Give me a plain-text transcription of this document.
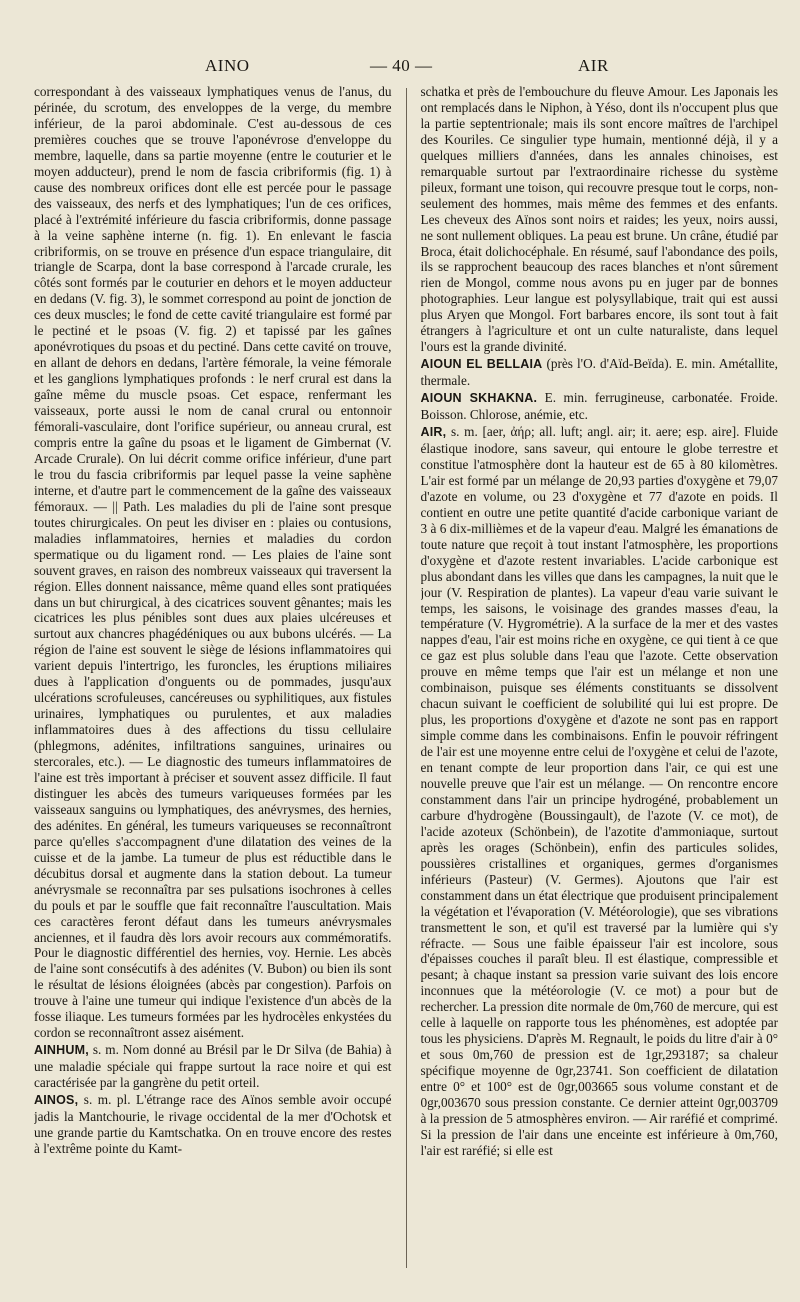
AINO	— 40 —	AIR

correspondant à des vaisseaux lymphatiques venus de l'anus, du périnée, du scrotum, des enveloppes de la verge, du membre inférieur, de la paroi abdominale. C'est au-dessous de ces premières couches que se trouve l'aponévrose d'enveloppe du membre, laquelle, dans sa partie moyenne (entre le couturier et le moyen adducteur), prend le nom de fascia cribriformis (fig. 1) à cause des nombreux orifices dont elle est percée pour le passage des vaisseaux, des nerfs et des lymphatiques; l'un de ces orifices, placé à l'extrémité inférieure du fascia cribriformis, donne passage à la veine saphène interne (n. fig. 1). En enlevant le fascia cribriformis, on se trouve en présence d'un espace triangulaire, dit triangle de Scarpa, dont la base correspond à l'arcade crurale, les côtés sont formés par le couturier en dehors et le moyen adducteur en dedans (V. fig. 3), le sommet correspond au point de jonction de ces deux muscles; le fond de cette cavité triangulaire est formé par le pectiné et le psoas (V. fig. 2) et tapissé par les gaînes aponévrotiques du psoas et du pectiné. Dans cette cavité on trouve, en allant de dehors en dedans, l'artère fémorale, la veine fémorale et les ganglions lymphatiques profonds : le nerf crural est dans la gaîne même du muscle psoas. Cet espace, renfermant les vaisseaux, porte aussi le nom de canal crural ou entonnoir fémorali-vasculaire, dont l'orifice supérieur, ou anneau crural, est compris entre la gaîne du psoas et le ligament de Gimbernat (V. Arcade Crurale). On lui décrit comme orifice inférieur, d'une part le trou du fascia cribriformis par lequel passe la veine saphène interne, et d'autre part le commencement de la gaîne des vaisseaux fémoraux. — || Path. Les maladies du pli de l'aine sont presque toutes chirurgicales. On peut les diviser en : plaies ou contusions, maladies inflammatoires, hernies et maladies du cordon spermatique ou du ligament rond. — Les plaies de l'aine sont souvent graves, en raison des nombreux vaisseaux qui traversent la région. Elles donnent naissance, même quand elles sont pratiquées dans un but chirurgical, à des cicatrices souvent gênantes; mais les cicatrices les plus pénibles sont dues aux plaies ulcéreuses et surtout aux chancres phagédéniques ou aux bubons ulcérés. — La région de l'aine est souvent le siège de lésions inflammatoires qui varient depuis l'intertrigo, les furoncles, les éruptions miliaires dues à l'application d'onguents ou de pommades, jusqu'aux ulcérations scrofuleuses, cancéreuses ou syphilitiques, aux fistules urinaires, lymphatiques ou purulentes, et aux maladies inflammatoires dues à des affections du tissu cellulaire (phlegmons, adénites, infiltrations sanguines, urinaires ou stercorales, etc.). — Le diagnostic des tumeurs inflammatoires de l'aine est très important à préciser et souvent assez difficile. Il faut distinguer les abcès des tumeurs variqueuses formées par les vaisseaux sanguins ou lymphatiques, des anévrysmes, des hernies, des adénites. En général, les tumeurs variqueuses se reconnaîtront parce qu'elles s'accompagnent d'une dilatation des veines de la cuisse et de la jambe. La tumeur de plus est réductible dans le décubitus dorsal et augmente dans la station debout. La tumeur anévrysmale se reconnaîtra par ses pulsations isochrones à celles du pouls et par le souffle que fait reconnaître l'auscultation. Mais ces caractères feront défaut dans les tumeurs anévrysmales anciennes, et il faudra dès lors avoir recours aux commémoratifs. Pour le diagnostic différentiel des hernies, voy. Hernie. Les abcès de l'aine sont consécutifs à des adénites (V. Bubon) ou bien ils sont le résultat de lésions éloignées (abcès par congestion). Parfois on trouve à l'aine une tumeur qui indique l'existence d'un abcès de la fosse iliaque. Les tumeurs formées par les hydrocèles enkystées du cordon se reconnaîtront assez aisément.

AINHUM, s. m. Nom donné au Brésil par le Dr Silva (de Bahia) à une maladie spéciale qui frappe surtout la race noire et qui est caractérisée par la gangrène du petit orteil.

AINOS, s. m. pl. L'étrange race des Aïnos semble avoir occupé jadis la Mantchourie, le rivage occidental de la mer d'Ochotsk et une grande partie du Kamtschatka. On en trouve encore des restes à l'extrême pointe du Kamt-

schatka et près de l'embouchure du fleuve Amour. Les Japonais les ont remplacés dans le Niphon, à Yéso, dont ils n'occupent plus que la partie septentrionale; mais ils sont encore maîtres de l'archipel des Kouriles. Ce singulier type humain, mentionné déjà, il y a quelques milliers d'années, dans les annales chinoises, est remarquable surtout par l'extraordinaire richesse du système pileux, formant une toison, qui recouvre presque tout le corps, non-seulement des hommes, mais même des femmes et des enfants. Les cheveux des Aïnos sont noirs et raides; les yeux, noirs aussi, ne sont nullement obliques. La peau est brune. Un crâne, étudié par Broca, était dolichocéphale. En résumé, sauf l'abondance des poils, ils se rapprochent beaucoup des races blanches et n'ont sûrement rien de Mongol, comme nous avons pu en juger par de bonnes photographies. Leur langue est polysyllabique, trait qui est aussi plus Aryen que Mongol. Fort barbares encore, ils sont tout à fait étrangers à l'agriculture et ont un culte naturaliste, dans lequel l'ours est la grande divinité.

AIOUN EL BELLAIA (près l'O. d'Aïd-Beïda). E. min. Amétallite, thermale.

AIOUN SKHAKNA. E. min. ferrugineuse, carbonatée. Froide. Boisson. Chlorose, anémie, etc.

AIR, s. m. [aer, ἀήρ; all. luft; angl. air; it. aere; esp. aire]. Fluide élastique inodore, sans saveur, qui entoure le globe terrestre et constitue l'atmosphère dont la hauteur est de 65 à 80 kilomètres. L'air est formé par un mélange de 20,93 parties d'oxygène et 79,07 d'azote en volume, ou 23 d'oxygène et 77 d'azote en poids. Il contient en outre une petite quantité d'acide carbonique variant de 3 à 6 dix-millièmes et de la vapeur d'eau. Malgré les émanations de toute nature que reçoit à tout instant l'atmosphère, les proportions d'oxygène et d'azote restent invariables. L'acide carbonique est plus abondant dans les villes que dans les campagnes, la nuit que le jour (V. Respiration de plantes). La vapeur d'eau varie suivant le temps, les saisons, le voisinage des grandes masses d'eau, la température (V. Hygrométrie). A la surface de la mer et des vastes nappes d'eau, l'air est moins riche en oxygène, ce qui tient à ce que ce gaz est plus soluble dans l'eau que l'azote. Cette observation prouve en même temps que l'air est un mélange et non une combinaison, puisque ses éléments constituants se dissolvent chacun suivant le coefficient de solubilité qui lui est propre. De plus, les proportions d'oxygène et d'azote ne sont pas en rapport simple comme dans les combinaisons. Enfin le pouvoir réfringent de l'air est une moyenne entre celui de l'oxygène et celui de l'azote, en tenant compte de leur proportion dans l'air, ce qui est une nouvelle preuve que l'air est un mélange. — On rencontre encore constamment dans l'air un principe hydrogéné, probablement un carbure d'hydrogène (Boussingault), de l'azote (V. ce mot), de l'acide azoteux (Schönbein), de l'azotite d'ammoniaque, surtout après les orages (Schönbein), enfin des particules solides, poussières cristallines et organiques, germes d'organismes inférieurs (Pasteur) (V. Germes). Ajoutons que l'air est constamment dans un état électrique que produisent principalement la végétation et l'évaporation (V. Météorologie), que ses vibrations transmettent le son, et qu'il est traversé par la lumière qui s'y réfracte. — Sous une faible épaisseur l'air est incolore, sous d'épaisses couches il paraît bleu. Il est élastique, compressible et pesant; à chaque instant sa pression varie suivant des lois encore inconnues que la météorologie (V. ce mot) a pour but de rechercher. La pression dite normale de 0m,760 de mercure, qui est celle à laquelle on rapporte tous les phénomènes, est adoptée par tous les physiciens. D'après M. Regnault, le poids du litre d'air à 0° et sous 0m,760 de pression est de 1gr,293187; sa chaleur spécifique moyenne de 0gr,23741. Son coefficient de dilatation entre 0° et 100° est de 0gr,003665 sous volume constant et de 0gr,003670 sous pression constante. Ce dernier atteint 0gr,003709 à la pression de 5 atmosphères environ. — Air raréfié et comprimé. Si la pression de l'air dans une enceinte est inférieure à 0m,760, l'air est raréfié; si elle est
